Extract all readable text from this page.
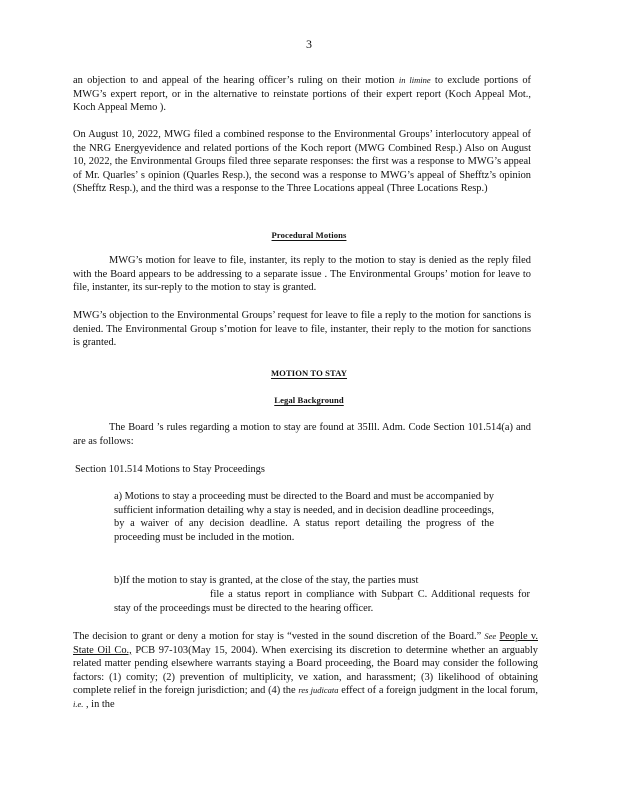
3

an objection to and appeal of the hearing officer’s ruling on their motion in limine to exclude portions of MWG’s expert report, or in the alternative to reinstate portions of their expert report (Koch Appeal Mot., Koch Appeal Memo ).

On August 10, 2022, MWG filed a combined response to the Environmental Groups’ interlocutory appeal of the NRG Energyevidence and related portions of the Koch report (MWG Combined Resp.) Also on August 10, 2022, the Environmental Groups filed three separate responses: the first was a response to MWG’s appeal of Mr. Quarles’ s opinion (Quarles Resp.), the second was a response to MWG’s appeal of Shefftz’s opinion (Shefftz Resp.), and the third was a response to the Three Locations appeal (Three Locations Resp.)

Procedural Motions

MWG’s motion for leave to file, instanter, its reply to the motion to stay is denied as the reply filed with the Board appears to be addressing to a separate issue . The Environmental Groups’ motion for leave to file, instanter, its sur-reply to the motion to stay is granted.

MWG’s objection to the Environmental Groups’ request for leave to file a reply to the motion for sanctions is denied. The Environmental Group s’motion for leave to file, instanter, their reply to the motion for sanctions is granted.

MOTION TO STAY
Legal Background

The Board ’s rules regarding a motion to stay are found at 35Ill. Adm. Code Section 101.514(a) and are as follows:

Section 101.514 Motions to Stay Proceedings

a) Motions to stay a proceeding must be directed to the Board and must be accompanied by sufficient information detailing why a stay is needed, and in decision deadline proceedings, by a waiver of any decision deadline. A status report detailing the progress of the proceeding must be included in the motion.

b)If the motion to stay is granted, at the close of the stay, the parties must

file a status report in compliance with Subpart C. Additional requests for stay of the proceedings must be directed to the hearing officer.

The decision to grant or deny a motion for stay is “vested in the sound discretion of the Board.” See People v. State Oil Co., PCB 97-103(May 15, 2004). When exercising its discretion to determine whether an arguably related matter pending elsewhere warrants staying a Board proceeding, the Board may consider the following factors: (1) comity; (2) prevention of multiplicity, ve xation, and harassment; (3) likelihood of obtaining complete relief in the foreign jurisdiction; and (4) the res judicata effect of a foreign judgment in the local forum, i.e. , in the
